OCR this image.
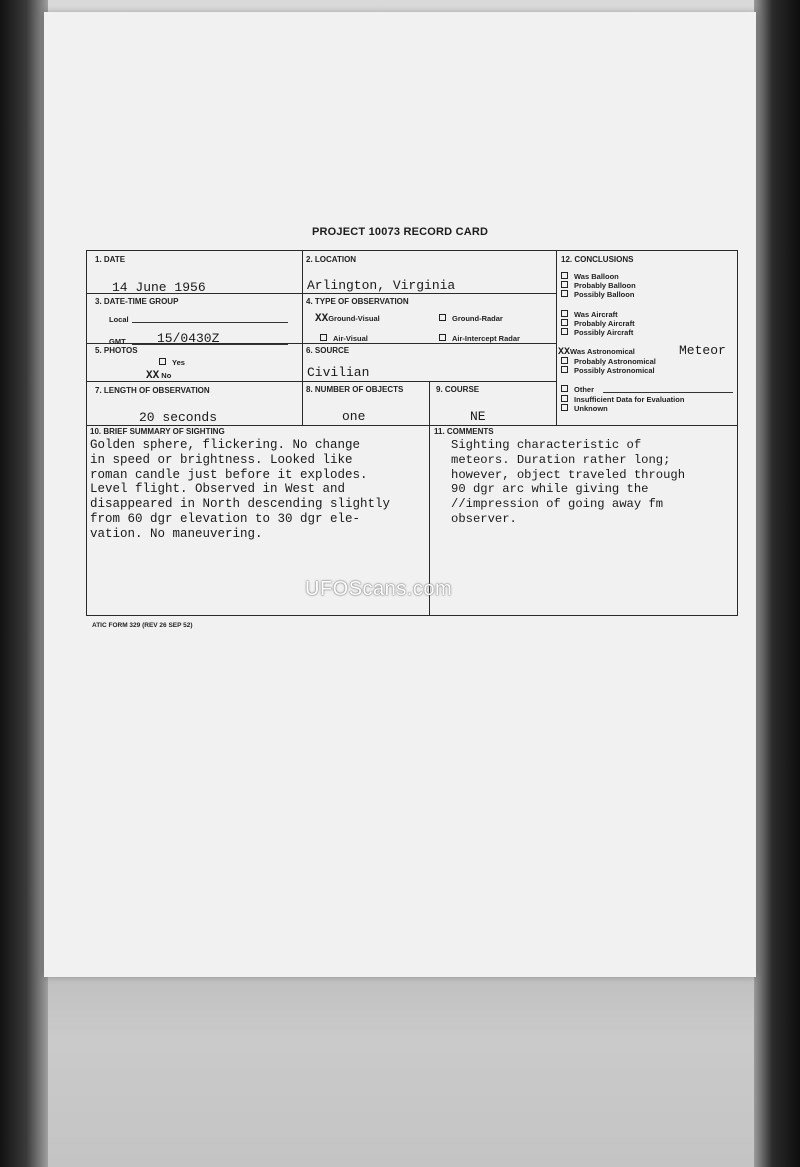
PROJECT 10073 RECORD CARD
1. DATE
14 June 1956
2. LOCATION
Arlington, Virginia
3. DATE-TIME GROUP
Local
GMT 15/0430Z
4. TYPE OF OBSERVATION
XXGround-Visual	Ground-Radar
Air-Visual	Air-Intercept Radar
5. PHOTOS
Yes
XX No
6. SOURCE
Civilian
7. LENGTH OF OBSERVATION
20 seconds
8. NUMBER OF OBJECTS
one
9. COURSE
NE
10. BRIEF SUMMARY OF SIGHTING
Golden sphere, flickering. No change
in speed or brightness. Looked like
roman candle just before it explodes.
Level flight. Observed in West and
disappeared in North descending slightly
from 60 dgr elevation to 30 dgr ele-
vation. No maneuvering.
11. COMMENTS
Sighting characteristic of
meteors. Duration rather long;
however, object traveled through
90 dgr arc while giving the
//impression of going away fm
observer.
12. CONCLUSIONS
Was Balloon
Probably Balloon
Possibly Balloon
Was Aircraft
Probably Aircraft
Possibly Aircraft
XXWas Astronomical	Meteor
Probably Astronomical
Possibly Astronomical
Other
Insufficient Data for Evaluation
Unknown
UFOScans.com
ATIC FORM 329 (REV 26 SEP 52)
